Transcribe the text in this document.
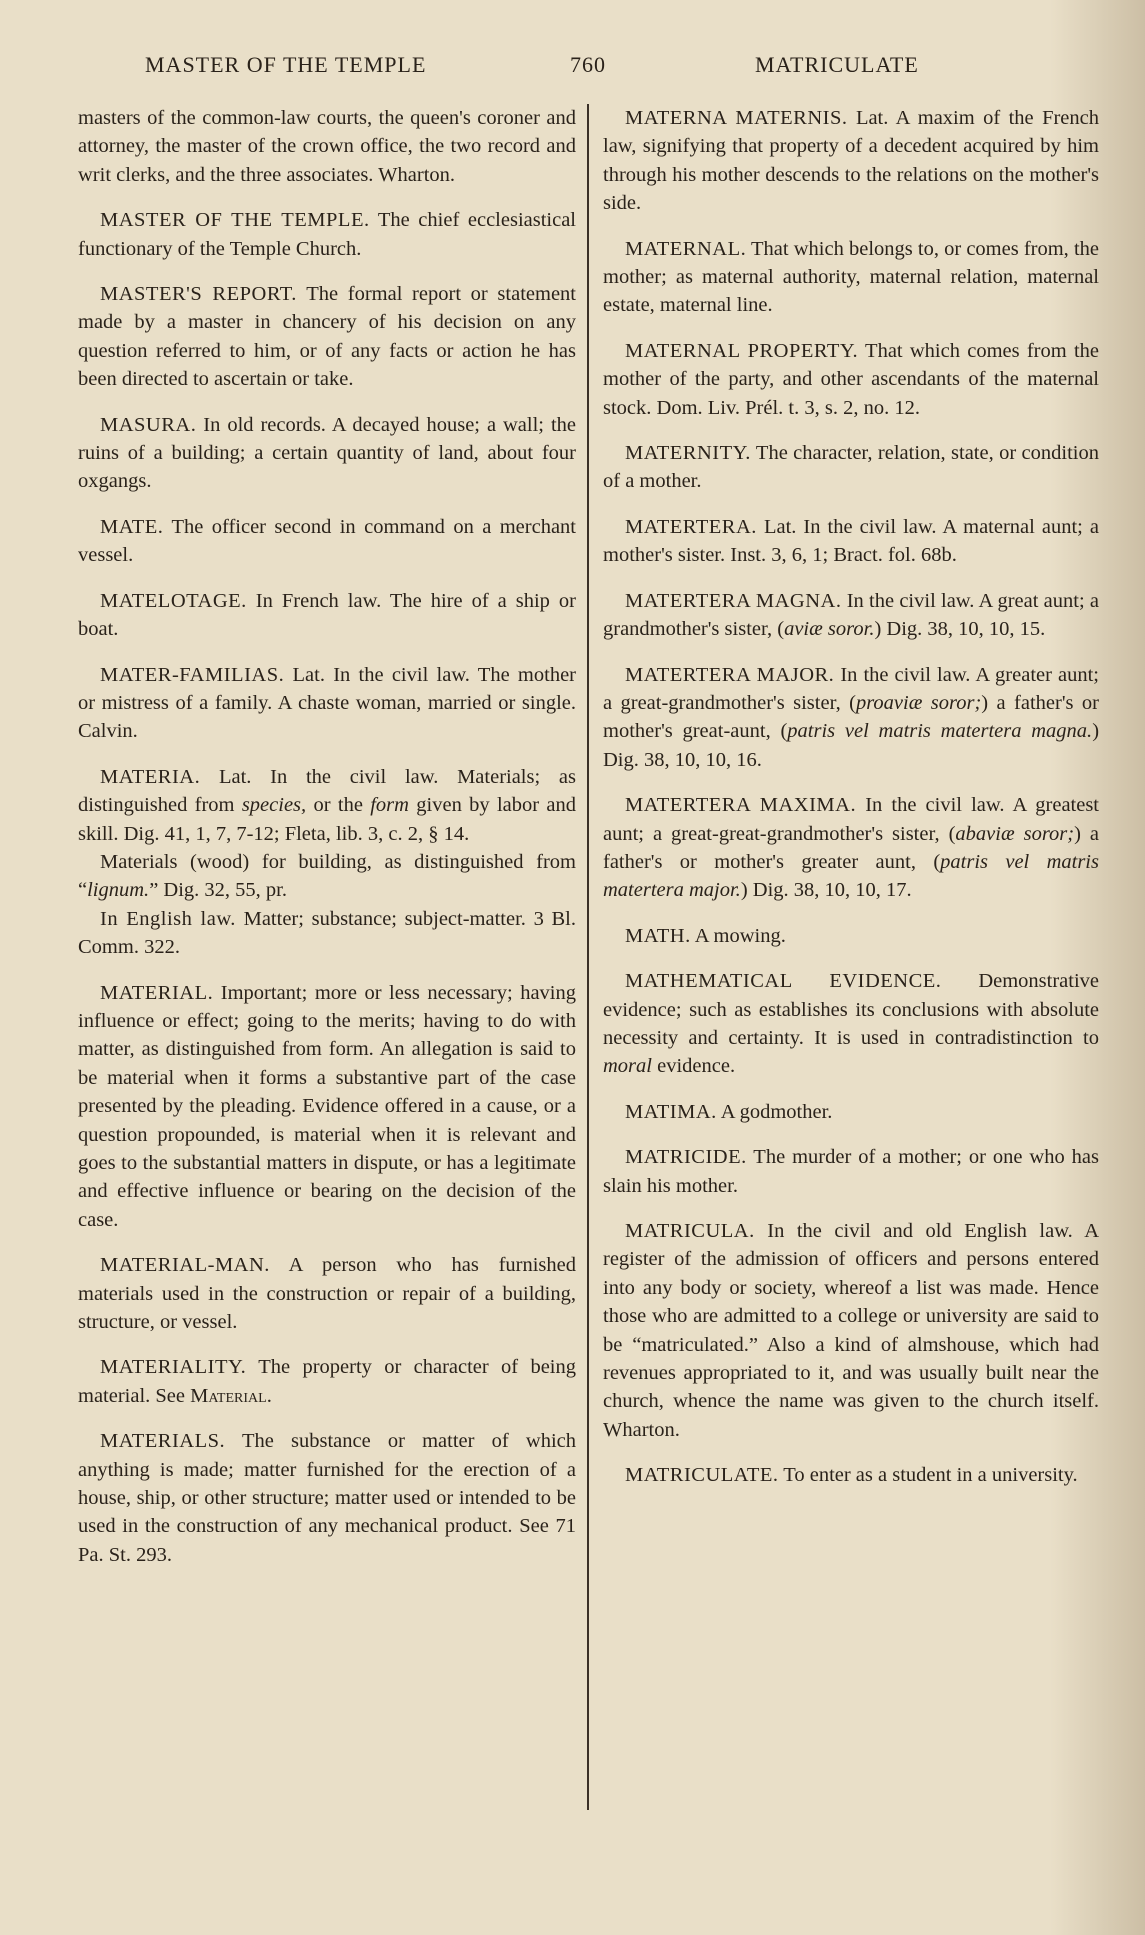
MASTER OF THE TEMPLE	760	MATRICULATE

masters of the common-law courts, the queen's coroner and attorney, the master of the crown office, the two record and writ clerks, and the three associates. Wharton.

MASTER OF THE TEMPLE. The chief ecclesiastical functionary of the Temple Church.

MASTER'S REPORT. The formal report or statement made by a master in chancery of his decision on any question referred to him, or of any facts or action he has been directed to ascertain or take.

MASURA. In old records. A decayed house; a wall; the ruins of a building; a certain quantity of land, about four oxgangs.

MATE. The officer second in command on a merchant vessel.

MATELOTAGE. In French law. The hire of a ship or boat.

MATER-FAMILIAS. Lat. In the civil law. The mother or mistress of a family. A chaste woman, married or single. Calvin.

MATERIA. Lat. In the civil law. Materials; as distinguished from species, or the form given by labor and skill. Dig. 41, 1, 7, 7-12; Fleta, lib. 3, c. 2, § 14.

Materials (wood) for building, as distinguished from “lignum.” Dig. 32, 55, pr.

In English law. Matter; substance; subject-matter. 3 Bl. Comm. 322.

MATERIAL. Important; more or less necessary; having influence or effect; going to the merits; having to do with matter, as distinguished from form. An allegation is said to be material when it forms a substantive part of the case presented by the pleading. Evidence offered in a cause, or a question propounded, is material when it is relevant and goes to the substantial matters in dispute, or has a legitimate and effective influence or bearing on the decision of the case.

MATERIAL-MAN. A person who has furnished materials used in the construction or repair of a building, structure, or vessel.

MATERIALITY. The property or character of being material. See Material.

MATERIALS. The substance or matter of which anything is made; matter furnished for the erection of a house, ship, or other structure; matter used or intended to be used in the construction of any mechanical product. See 71 Pa. St. 293.

MATERNA MATERNIS. Lat. A maxim of the French law, signifying that property of a decedent acquired by him through his mother descends to the relations on the mother's side.

MATERNAL. That which belongs to, or comes from, the mother; as maternal authority, maternal relation, maternal estate, maternal line.

MATERNAL PROPERTY. That which comes from the mother of the party, and other ascendants of the maternal stock. Dom. Liv. Prél. t. 3, s. 2, no. 12.

MATERNITY. The character, relation, state, or condition of a mother.

MATERTERA. Lat. In the civil law. A maternal aunt; a mother's sister. Inst. 3, 6, 1; Bract. fol. 68b.

MATERTERA MAGNA. In the civil law. A great aunt; a grandmother's sister, (aviæ soror.) Dig. 38, 10, 10, 15.

MATERTERA MAJOR. In the civil law. A greater aunt; a great-grandmother's sister, (proaviæ soror;) a father's or mother's great-aunt, (patris vel matris matertera magna.) Dig. 38, 10, 10, 16.

MATERTERA MAXIMA. In the civil law. A greatest aunt; a great-great-grandmother's sister, (abaviæ soror;) a father's or mother's greater aunt, (patris vel matris matertera major.) Dig. 38, 10, 10, 17.

MATH. A mowing.

MATHEMATICAL EVIDENCE. Demonstrative evidence; such as establishes its conclusions with absolute necessity and certainty. It is used in contradistinction to moral evidence.

MATIMA. A godmother.

MATRICIDE. The murder of a mother; or one who has slain his mother.

MATRICULA. In the civil and old English law. A register of the admission of officers and persons entered into any body or society, whereof a list was made. Hence those who are admitted to a college or university are said to be “matriculated.” Also a kind of almshouse, which had revenues appropriated to it, and was usually built near the church, whence the name was given to the church itself. Wharton.

MATRICULATE. To enter as a student in a university.
